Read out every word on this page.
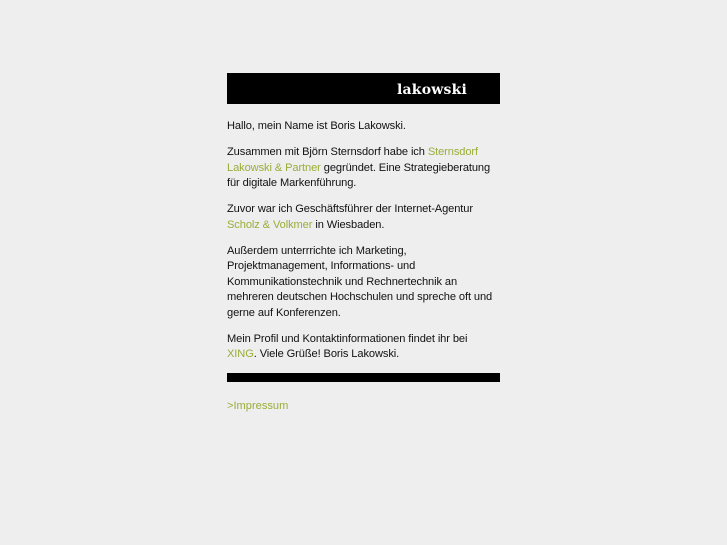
lakowski

Hallo, mein Name ist Boris Lakowski.

Zusammen mit Björn Sternsdorf habe ich Sternsdorf Lakowski & Partner gegründet. Eine Strategieberatung für digitale Markenführung.

Zuvor war ich Geschäftsführer der Internet-Agentur Scholz & Volkmer in Wiesbaden.

Außerdem unterrrichte ich Marketing, Projektmanagement, Informations- und Kommunikationstechnik und Rechnertechnik an mehreren deutschen Hochschulen und spreche oft und gerne auf Konferenzen.

Mein Profil und Kontaktinformationen findet ihr bei XING. Viele Grüße! Boris Lakowski.

>Impressum
